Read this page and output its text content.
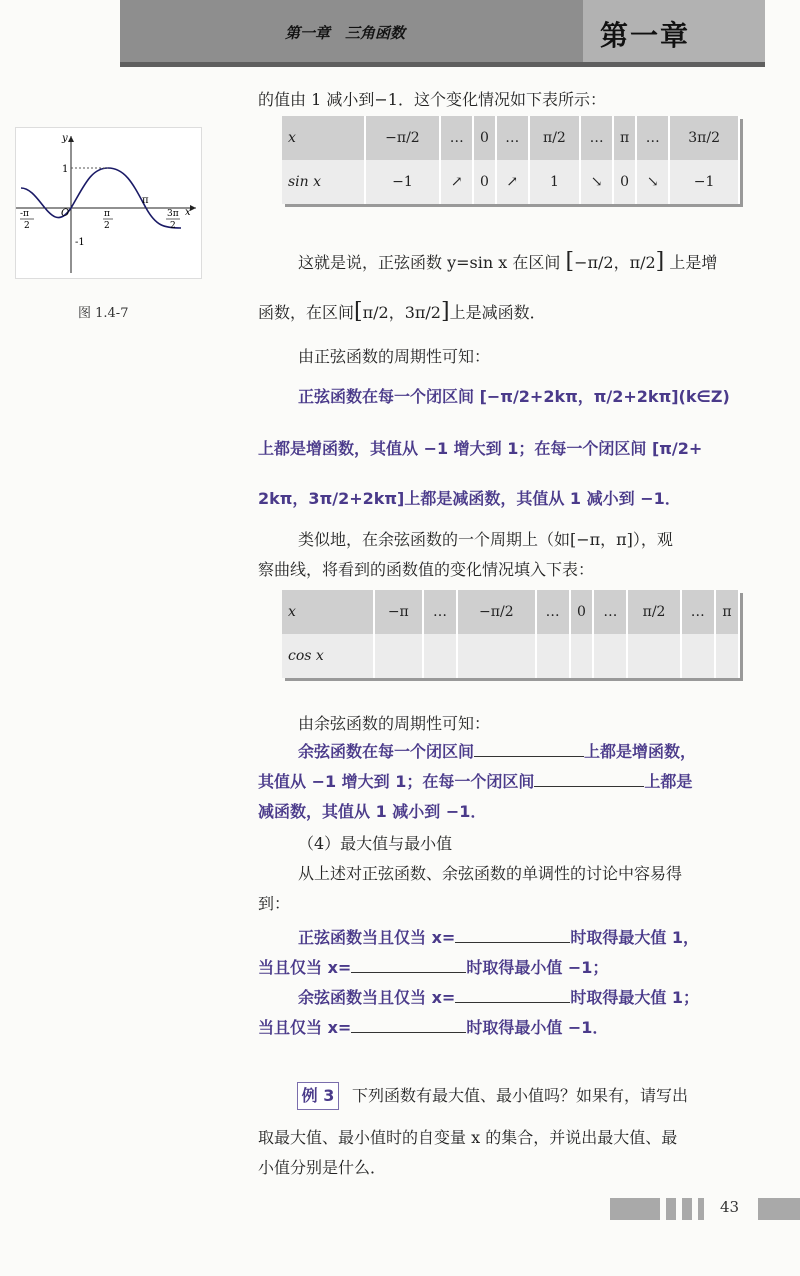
第一章　三角函数	第一章
y
x
1
-1
O
π
π
2
-π
2
3π
2
图 1.4-7
的值由 1 减小到−1．这个变化情况如下表所示：
x	−π/2	…	0	…	π/2	…	π	…	3π/2
sin x	−1	↗	0	↗	1	↘	0	↘	−1
这就是说，正弦函数 y=sin x 在区间 [−π/2，π/2] 上是增
函数，在区间[π/2，3π/2]上是减函数．
由正弦函数的周期性可知：
正弦函数在每一个闭区间 [−π/2+2kπ，π/2+2kπ](k∈Z)
上都是增函数，其值从 −1 增大到 1；在每一个闭区间 [π/2+
2kπ，3π/2+2kπ]上都是减函数，其值从 1 减小到 −1．
类似地，在余弦函数的一个周期上（如[−π，π]），观
察曲线，将看到的函数值的变化情况填入下表：
x	−π	…	−π/2	…	0	…	π/2	…	π
cos x									
由余弦函数的周期性可知：
余弦函数在每一个闭区间	上都是增函数，
其值从 −1 增大到 1；在每一个闭区间	上都是
减函数，其值从 1 减小到 −1．
（4）最大值与最小值
从上述对正弦函数、余弦函数的单调性的讨论中容易得
到：
正弦函数当且仅当 x=	时取得最大值 1，
当且仅当 x=	时取得最小值 −1；
余弦函数当且仅当 x=	时取得最大值 1；
当且仅当 x=	时取得最小值 −1．
例 3 下列函数有最大值、最小值吗？如果有，请写出
取最大值、最小值时的自变量 x 的集合，并说出最大值、最
小值分别是什么．
43
